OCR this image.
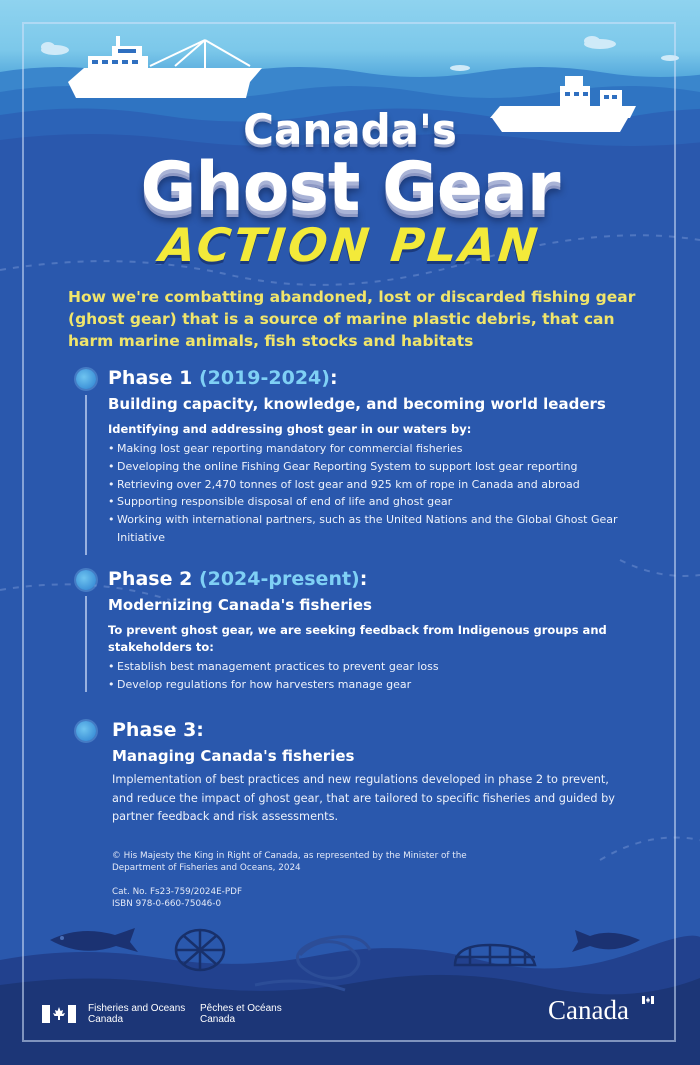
Canada's
Ghost Gear
ACTION PLAN
How we're combatting abandoned, lost or discarded fishing gear (ghost gear) that is a source of marine plastic debris, that can harm marine animals, fish stocks and habitats
Phase 1 (2019-2024):
Building capacity, knowledge, and becoming world leaders
Identifying and addressing ghost gear in our waters by:
• Making lost gear reporting mandatory for commercial fisheries
• Developing the online Fishing Gear Reporting System to support lost gear reporting
• Retrieving over 2,470 tonnes of lost gear and 925 km of rope in Canada and abroad
• Supporting responsible disposal of end of life and ghost gear
• Working with international partners, such as the United Nations and the Global Ghost Gear Initiative
Phase 2 (2024-present):
Modernizing Canada's fisheries
To prevent ghost gear, we are seeking feedback from Indigenous groups and stakeholders to:
• Establish best management practices to prevent gear loss
• Develop regulations for how harvesters manage gear
Phase 3:
Managing Canada's fisheries
Implementation of best practices and new regulations developed in phase 2 to prevent, and reduce the impact of ghost gear, that are tailored to specific fisheries and guided by partner feedback and risk assessments.
© His Majesty the King in Right of Canada, as represented by the Minister of the Department of Fisheries and Oceans, 2024
Cat. No. Fs23-759/2024E-PDF
ISBN 978-0-660-75046-0
Fisheries and Oceans
Canada
Pêches et Océans
Canada	Canada
